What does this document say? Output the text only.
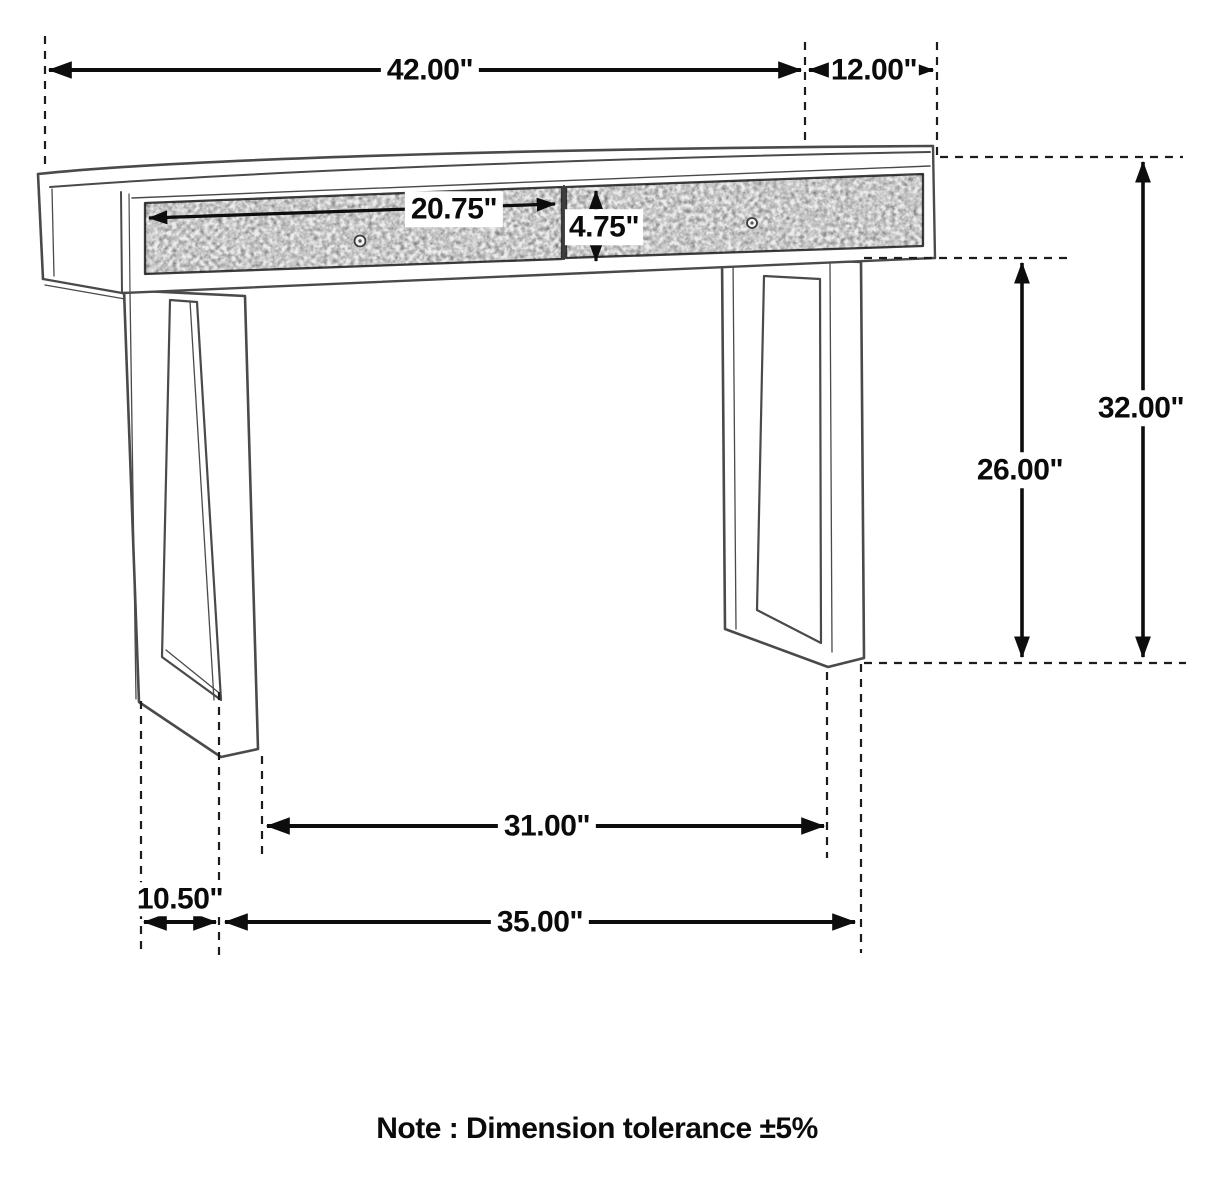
42.00"	12.00"
20.75"
4.75"
26.00"
32.00"
31.00"
10.50"
35.00"
Note : Dimension tolerance ±5%
